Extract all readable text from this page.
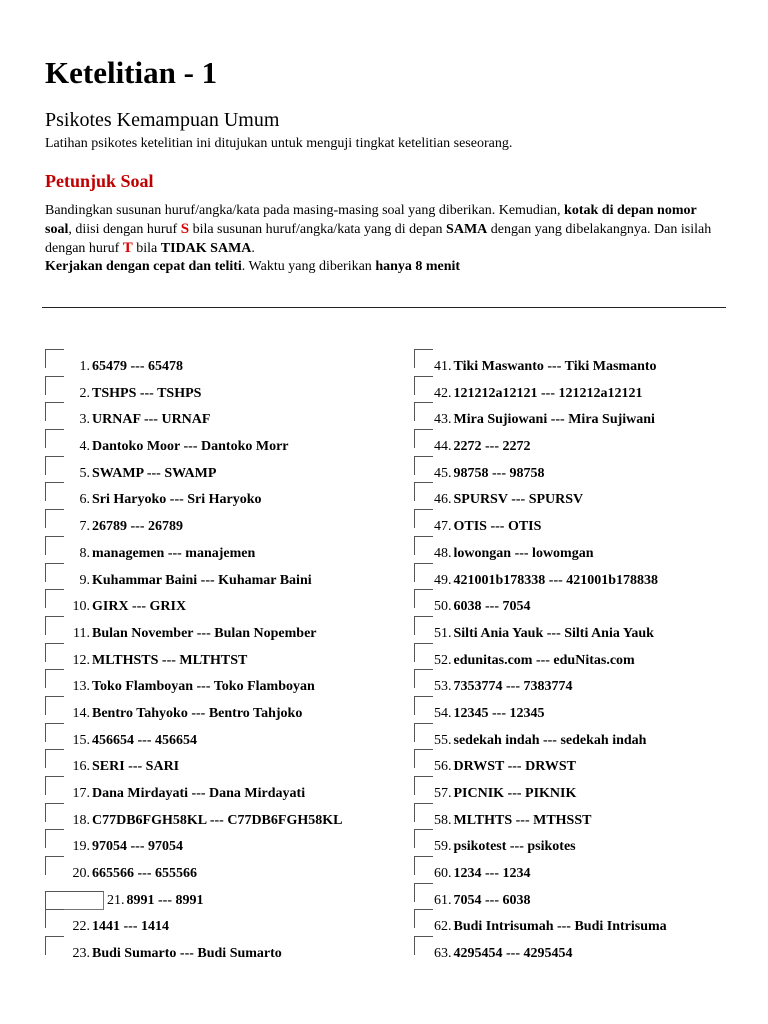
Ketelitian - 1
Psikotes Kemampuan Umum
Latihan psikotes ketelitian ini ditujukan untuk menguji tingkat ketelitian seseorang.
Petunjuk Soal
Bandingkan susunan huruf/angka/kata pada masing-masing soal yang diberikan. Kemudian, kotak di depan nomor soal, diisi dengan huruf S bila susunan huruf/angka/kata yang di depan SAMA dengan yang dibelakangnya. Dan isilah dengan huruf T bila TIDAK SAMA.
Kerjakan dengan cepat dan teliti. Waktu yang diberikan hanya 8 menit
1. 65479 --- 65478
2. TSHPS --- TSHPS
3. URNAF --- URNAF
4. Dantoko Moor --- Dantoko Morr
5. SWAMP --- SWAMP
6. Sri Haryoko --- Sri Haryoko
7. 26789 --- 26789
8. managemen --- manajemen
9. Kuhammar Baini --- Kuhamar Baini
10. GIRX --- GRIX
11. Bulan November --- Bulan Nopember
12. MLTHSTS --- MLTHTST
13. Toko Flamboyan --- Toko Flamboyan
14. Bentro Tahyoko --- Bentro Tahjoko
15. 456654 --- 456654
16. SERI --- SARI
17. Dana Mirdayati --- Dana Mirdayati
18. C77DB6FGH58KL --- C77DB6FGH58KL
19. 97054 --- 97054
20. 665566 --- 655566
21. 8991 --- 8991
22. 1441 --- 1414
23. Budi Sumarto --- Budi Sumarto
41. Tiki Maswanto --- Tiki Masmanto
42. 121212a12121 --- 121212a12121
43. Mira Sujiowani --- Mira Sujiwani
44. 2272 --- 2272
45. 98758 --- 98758
46. SPURSV --- SPURSV
47. OTIS --- OTIS
48. lowongan --- lowomgan
49. 421001b178338 --- 421001b178838
50. 6038 --- 7054
51. Silti Ania Yauk --- Silti Ania Yauk
52. edunitas.com --- eduNitas.com
53. 7353774 --- 7383774
54. 12345 --- 12345
55. sedekah indah --- sedekah indah
56. DRWST --- DRWST
57. PICNIK --- PIKNIK
58. MLTHTS --- MTHSST
59. psikotest --- psikotes
60. 1234 --- 1234
61. 7054 --- 6038
62. Budi Intrisumah --- Budi Intrisuma
63. 4295454 --- 4295454
